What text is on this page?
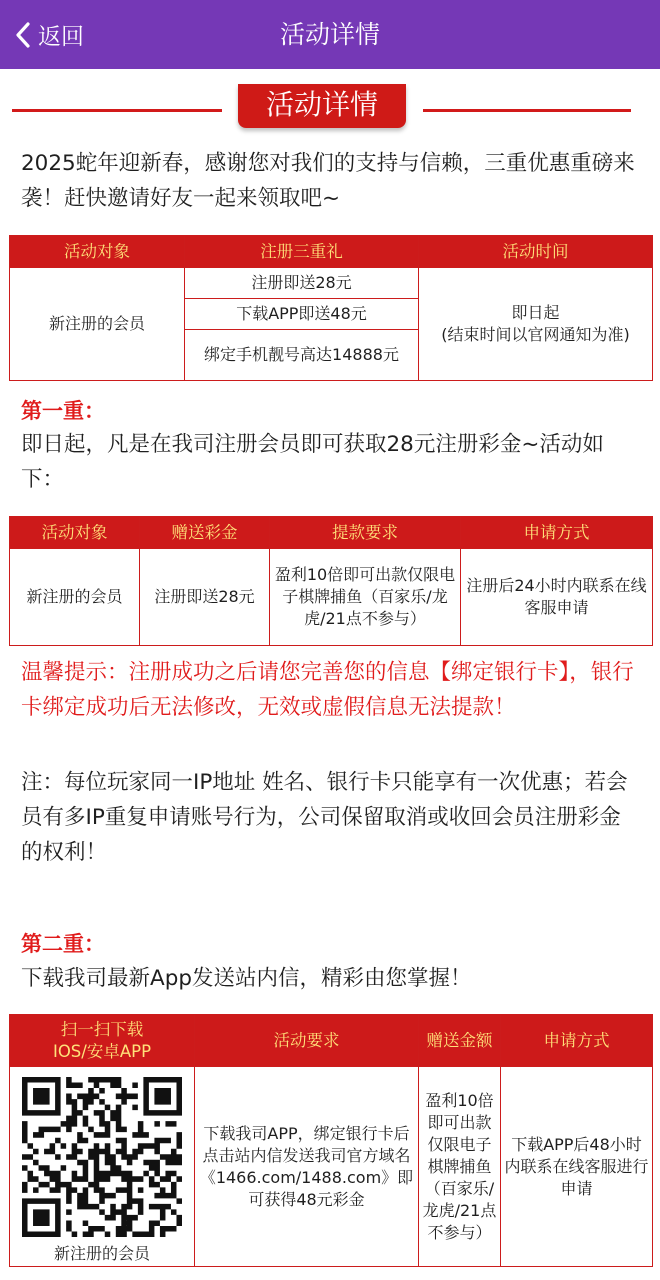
返回	活动详情
活动详情
2025蛇年迎新春，感谢您对我们的支持与信赖，三重优惠重磅来袭！赶快邀请好友一起来领取吧~
活动对象	注册三重礼	活动时间
新注册的会员	注册即送28元	即日起
(结束时间以官网通知为准)

	下载APP即送48元	
	绑定手机靓号高达14888元	
第一重：
即日起，凡是在我司注册会员即可获取28元注册彩金~活动如下：
活动对象	赠送彩金	提款要求	申请方式
新注册的会员	注册即送28元	盈利10倍即可出款仅限电子棋牌捕鱼（百家乐/龙虎/21点不参与）	注册后24小时内联系在线客服申请
温馨提示：注册成功之后请您完善您的信息【绑定银行卡】，银行卡绑定成功后无法修改，无效或虚假信息无法提款！
注：每位玩家同一IP地址 姓名、银行卡只能享有一次优惠；若会员有多IP重复申请账号行为，公司保留取消或收回会员注册彩金的权利！
第二重：
下载我司最新App发送站内信，精彩由您掌握！
扫一扫下载
IOS/安卓APP	活动要求	赠送金额	申请方式

新注册的会员	下载我司APP，绑定银行卡后点击站内信发送我司官方域名《1466.com/1488.com》即可获得48元彩金	盈利10倍即可出款仅限电子棋牌捕鱼（百家乐/龙虎/21点不参与）	下载APP后48小时内联系在线客服进行申请
